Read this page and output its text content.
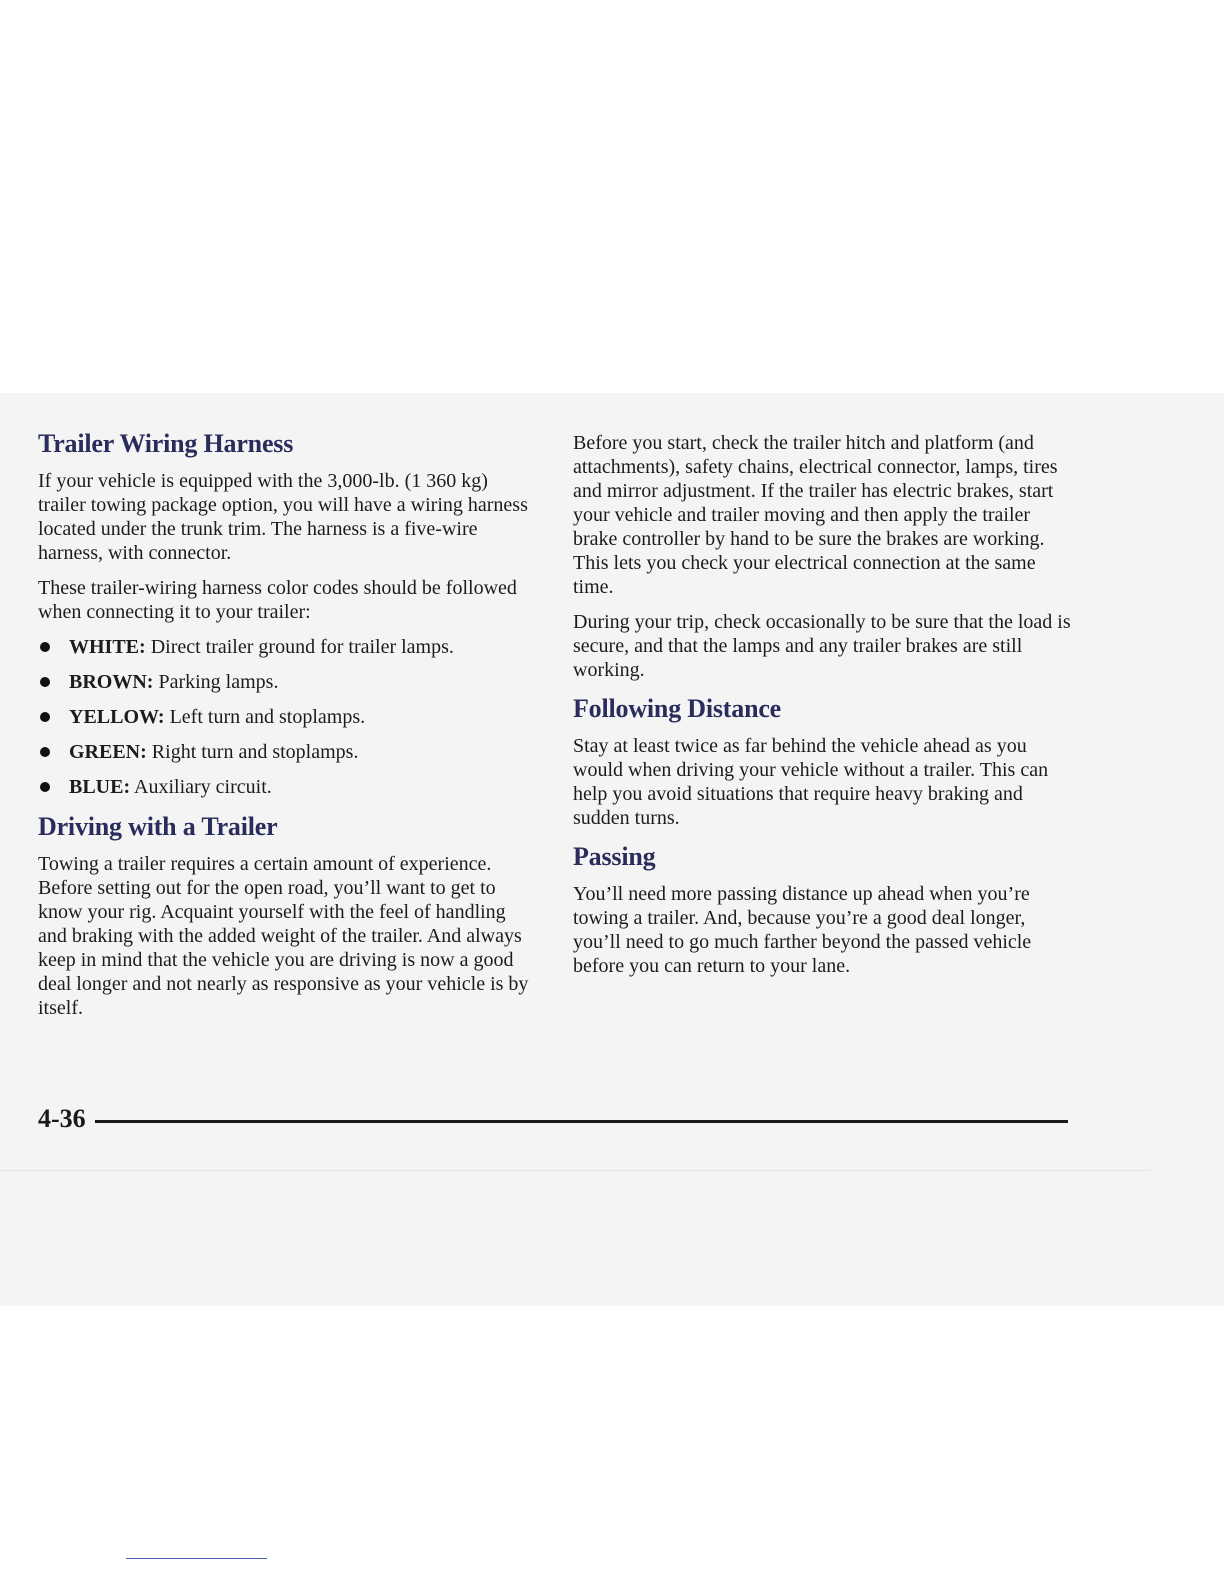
Trailer Wiring Harness

If your vehicle is equipped with the 3,000-lb. (1 360 kg) trailer towing package option, you will have a wiring harness located under the trunk trim. The harness is a five-wire harness, with connector.

These trailer-wiring harness color codes should be followed when connecting it to your trailer:

WHITE: Direct trailer ground for trailer lamps.
BROWN: Parking lamps.
YELLOW: Left turn and stoplamps.
GREEN: Right turn and stoplamps.
BLUE: Auxiliary circuit.
Driving with a Trailer

Towing a trailer requires a certain amount of experience. Before setting out for the open road, you’ll want to get to know your rig. Acquaint yourself with the feel of handling and braking with the added weight of the trailer. And always keep in mind that the vehicle you are driving is now a good deal longer and not nearly as responsive as your vehicle is by itself.

Before you start, check the trailer hitch and platform (and attachments), safety chains, electrical connector, lamps, tires and mirror adjustment. If the trailer has electric brakes, start your vehicle and trailer moving and then apply the trailer brake controller by hand to be sure the brakes are working. This lets you check your electrical connection at the same time.

During your trip, check occasionally to be sure that the load is secure, and that the lamps and any trailer brakes are still working.

Following Distance

Stay at least twice as far behind the vehicle ahead as you would when driving your vehicle without a trailer. This can help you avoid situations that require heavy braking and sudden turns.

Passing

You’ll need more passing distance up ahead when you’re towing a trailer. And, because you’re a good deal longer, you’ll need to go much farther beyond the passed vehicle before you can return to your lane.

4-36
